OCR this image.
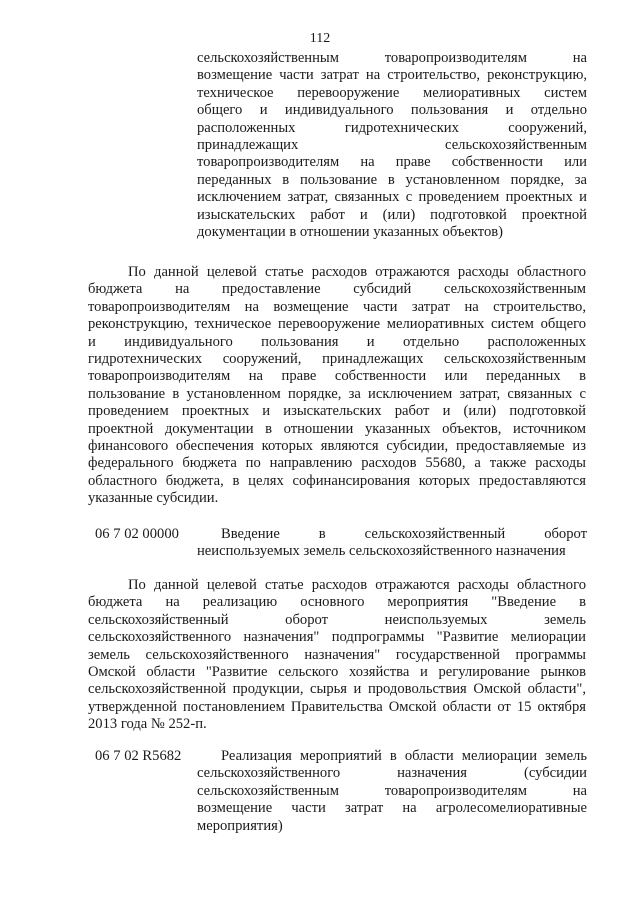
112
сельскохозяйственным товаропроизводителям на
возмещение части затрат на строительство, реконструкцию,
техническое перевооружение мелиоративных систем
общего и индивидуального пользования и отдельно
расположенных гидротехнических сооружений,
принадлежащих сельскохозяйственным
товаропроизводителям на праве собственности или
переданных в пользование в установленном порядке, за
исключением затрат, связанных с проведением проектных и
изыскательских работ и (или) подготовкой проектной
документации в отношении указанных объектов)
По данной целевой статье расходов отражаются расходы областного
бюджета на предоставление субсидий сельскохозяйственным
товаропроизводителям на возмещение части затрат на строительство,
реконструкцию, техническое перевооружение мелиоративных систем общего
и индивидуального пользования и отдельно расположенных
гидротехнических сооружений, принадлежащих сельскохозяйственным
товаропроизводителям на праве собственности или переданных в
пользование в установленном порядке, за исключением затрат, связанных с
проведением проектных и изыскательских работ и (или) подготовкой
проектной документации в отношении указанных объектов, источником
финансового обеспечения которых являются субсидии, предоставляемые из
федерального бюджета по направлению расходов 55680, а также расходы
областного бюджета, в целях софинансирования которых предоставляются
указанные субсидии.
06 7 02 00000	Введение в сельскохозяйственный оборот
неиспользуемых земель сельскохозяйственного назначения
По данной целевой статье расходов отражаются расходы областного
бюджета на реализацию основного мероприятия "Введение в
сельскохозяйственный оборот неиспользуемых земель
сельскохозяйственного назначения" подпрограммы "Развитие мелиорации
земель сельскохозяйственного назначения" государственной программы
Омской области "Развитие сельского хозяйства и регулирование рынков
сельскохозяйственной продукции, сырья и продовольствия Омской области",
утвержденной постановлением Правительства Омской области от 15 октября
2013 года № 252-п.
06 7 02 R5682	Реализация мероприятий в области мелиорации земель
сельскохозяйственного назначения (субсидии
сельскохозяйственным товаропроизводителям на
возмещение части затрат на агролесомелиоративные
мероприятия)
